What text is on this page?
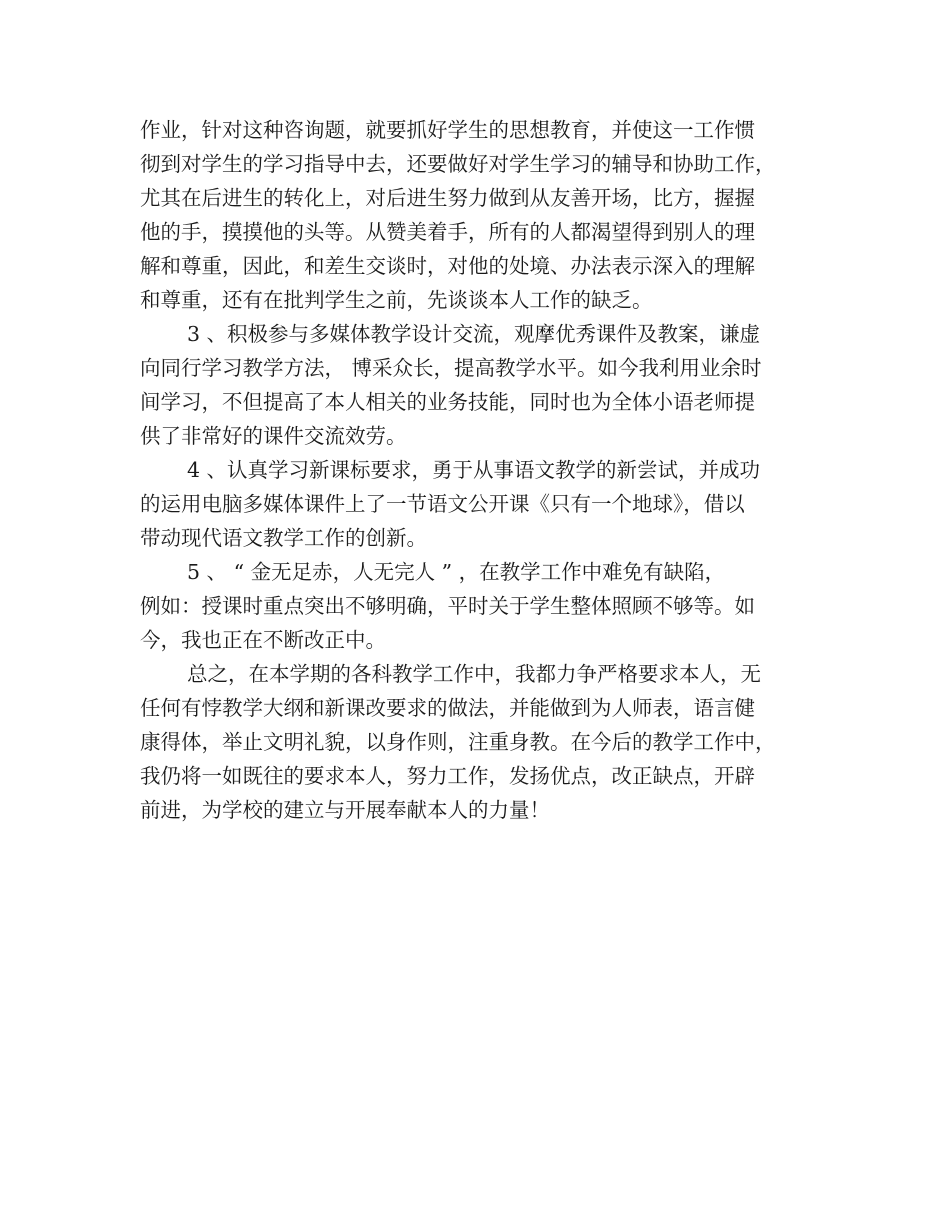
作业，针对这种咨询题，就要抓好学生的思想教育，并使这一工作惯
彻到对学生的学习指导中去，还要做好对学生学习的辅导和协助工作，
尤其在后进生的转化上，对后进生努力做到从友善开场，比方，握握
他的手，摸摸他的头等。从赞美着手，所有的人都渴望得到别人的理
解和尊重，因此，和差生交谈时，对他的处境、办法表示深入的理解
和尊重，还有在批判学生之前，先谈谈本人工作的缺乏。

3 、积极参与多媒体教学设计交流，观摩优秀课件及教案，谦虚
向同行学习教学方法， 博采众长，提高教学水平。如今我利用业余时
间学习，不但提高了本人相关的业务技能，同时也为全体小语老师提
供了非常好的课件交流效劳。

4 、认真学习新课标要求，勇于从事语文教学的新尝试，并成功
的运用电脑多媒体课件上了一节语文公开课《只有一个地球》，借以
带动现代语文教学工作的创新。

5 、 “ 金无足赤，人无完人 ” ，在教学工作中难免有缺陷，
例如：授课时重点突出不够明确，平时关于学生整体照顾不够等。如
今，我也正在不断改正中。

总之，在本学期的各科教学工作中，我都力争严格要求本人，无
任何有悖教学大纲和新课改要求的做法，并能做到为人师表，语言健
康得体，举止文明礼貌，以身作则，注重身教。在今后的教学工作中，
我仍将一如既往的要求本人，努力工作，发扬优点，改正缺点，开辟
前进，为学校的建立与开展奉献本人的力量！
